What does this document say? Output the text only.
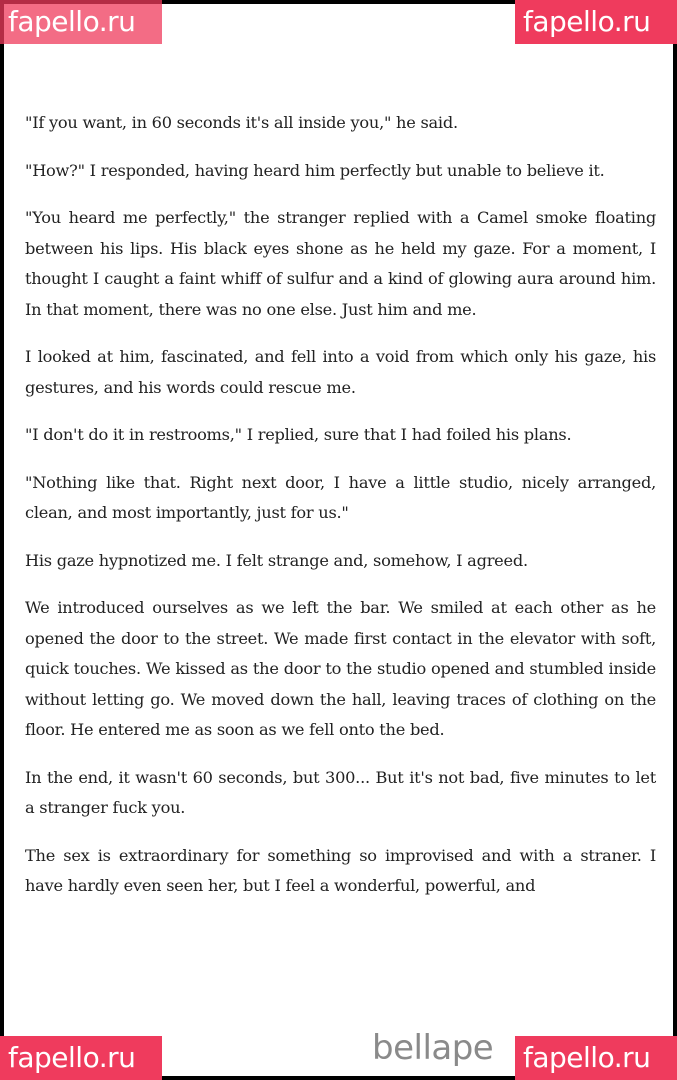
"If you want, in 60 seconds it's all inside you," he said.

"How?" I responded, having heard him perfectly but unable to believe it.

"You heard me perfectly," the stranger replied with a Camel smoke floating between his lips. His black eyes shone as he held my gaze. For a moment, I thought I caught a faint whiff of sulfur and a kind of glowing aura around him. In that moment, there was no one else. Just him and me.

I looked at him, fascinated, and fell into a void from which only his gaze, his gestures, and his words could rescue me.

"I don't do it in restrooms," I replied, sure that I had foiled his plans.

"Nothing like that. Right next door, I have a little studio, nicely arranged, clean, and most importantly, just for us."

His gaze hypnotized me. I felt strange and, somehow, I agreed.

We introduced ourselves as we left the bar. We smiled at each other as he opened the door to the street. We made first contact in the elevator with soft, quick touches. We kissed as the door to the studio opened and stumbled inside without letting go. We moved down the hall, leaving traces of clothing on the floor. He entered me as soon as we fell onto the bed.

In the end, it wasn't 60 seconds, but 300... But it's not bad, five minutes to let a stranger fuck you.

The sex is extraordinary for something so improvised and with a straner. I have hardly even seen her, but I feel a wonderful, powerful, and

bellape
fapello.ru	fapello.ru
fapello.ru	fapello.ru
